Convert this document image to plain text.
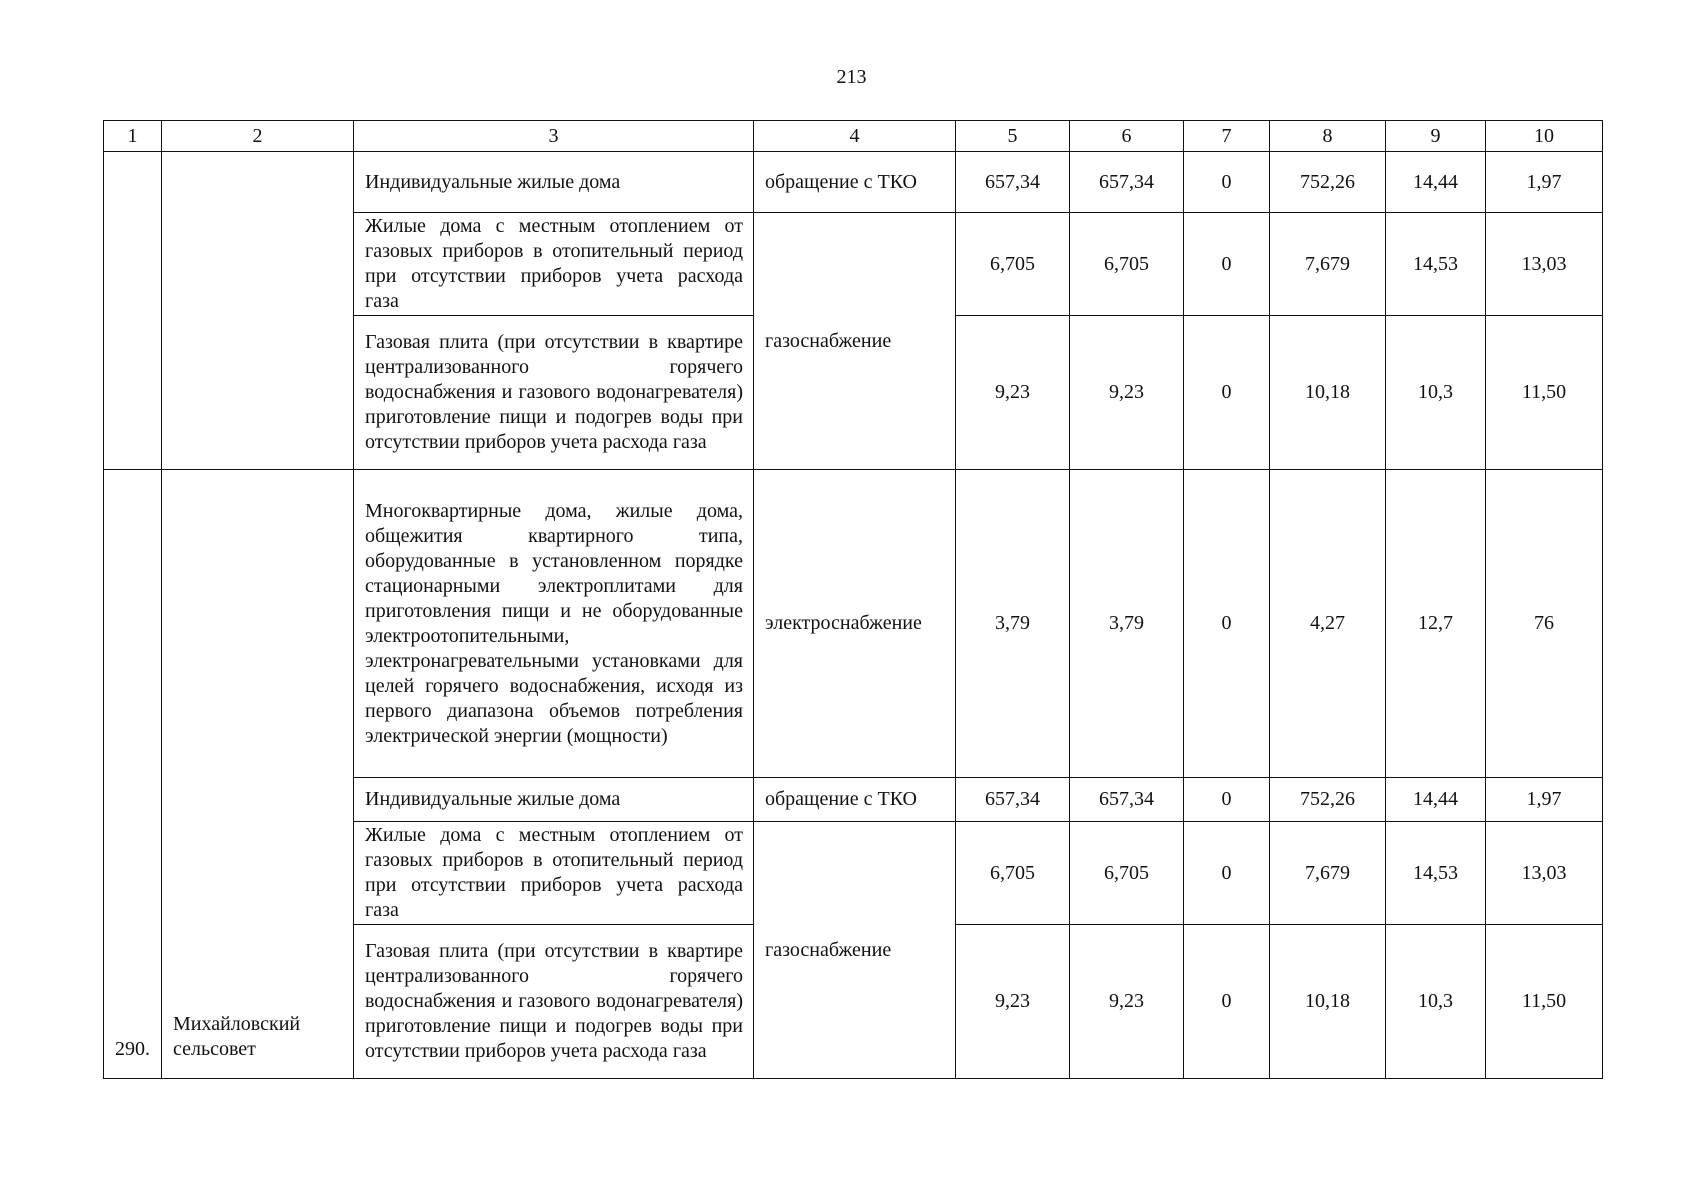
213
1	2	3	4	5	6	7	8	9	10

		Индивидуальные жилые дома	обращение с ТКО	657,34	657,34	0	752,26	14,44	1,97

		Жилые дома с местным отоплением от газовых приборов в отопительный период при отсутствии приборов учета расхода газа	газоснабжение	6,705	6,705	0	7,679	14,53	13,03

		Газовая плита (при отсутствии в квартире централизованного горячего водоснабжения и газового водонагревателя) приготовление пищи и подогрев воды при отсутствии приборов учета расхода газа		9,23	9,23	0	10,18	10,3	11,50
290.	Михайловский сельсовет	Многоквартирные дома, жилые дома, общежития квартирного типа, оборудованные в установленном порядке стационарными электроплитами для приготовления пищи и не оборудованные электроотопительными, электронагревательными установками для целей горячего водоснабжения, исходя из первого диапазона объемов потребления электрической энергии (мощности)	электроснабжение	3,79	3,79	0	4,27	12,7	76

		Индивидуальные жилые дома	обращение с ТКО	657,34	657,34	0	752,26	14,44	1,97

		Жилые дома с местным отоплением от газовых приборов в отопительный период при отсутствии приборов учета расхода газа	газоснабжение	6,705	6,705	0	7,679	14,53	13,03

		Газовая плита (при отсутствии в квартире централизованного горячего водоснабжения и газового водонагревателя) приготовление пищи и подогрев воды при отсутствии приборов учета расхода газа		9,23	9,23	0	10,18	10,3	11,50
